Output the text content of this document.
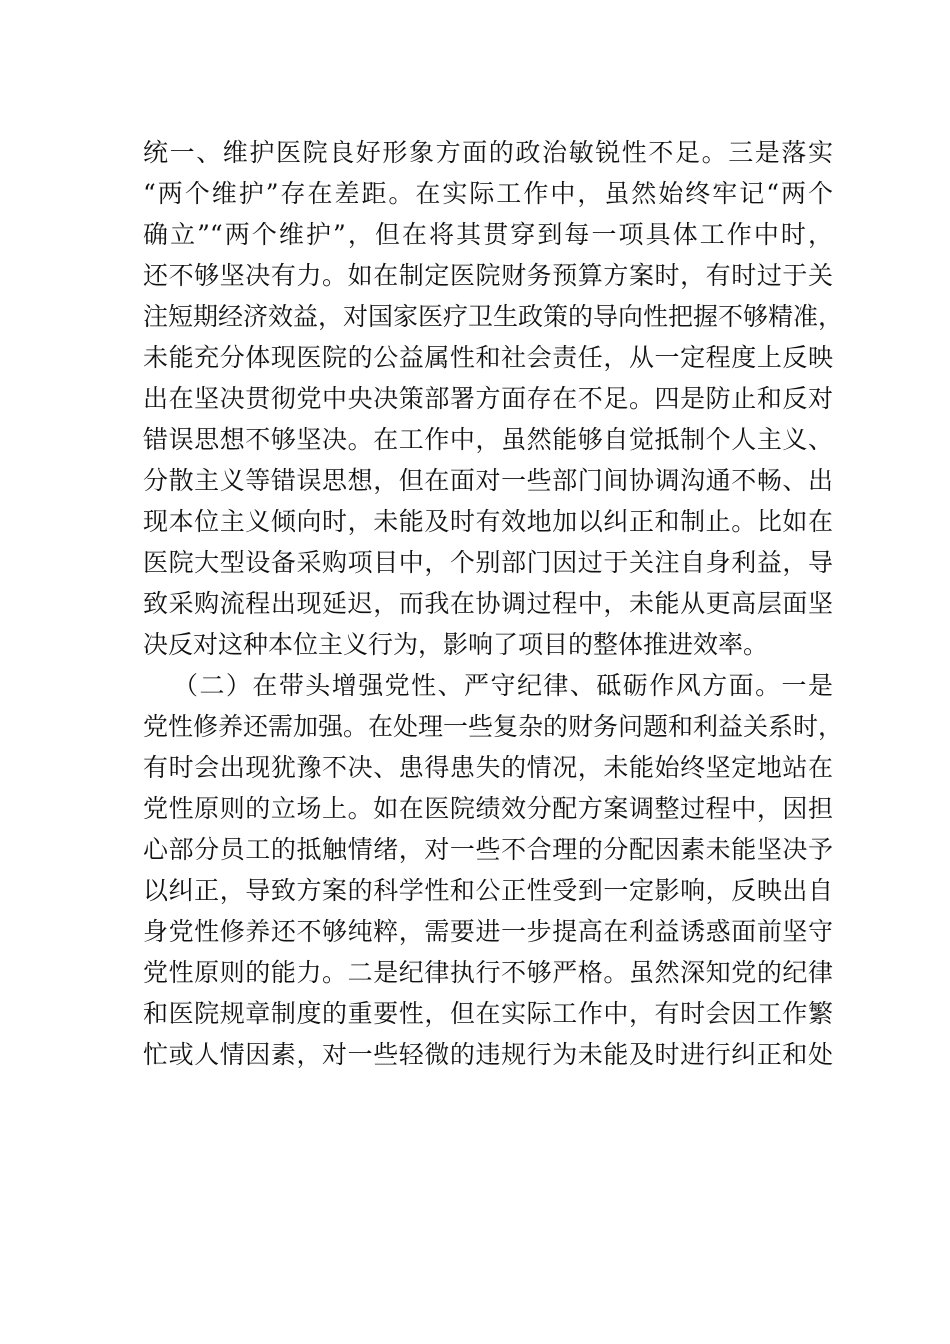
统一、维护医院良好形象方面的政治敏锐性不足。三是落实
“两个维护”存在差距。在实际工作中，虽然始终牢记“两个
确立”“两个维护”，但在将其贯穿到每一项具体工作中时，
还不够坚决有力。如在制定医院财务预算方案时，有时过于关
注短期经济效益，对国家医疗卫生政策的导向性把握不够精准，
未能充分体现医院的公益属性和社会责任，从一定程度上反映
出在坚决贯彻党中央决策部署方面存在不足。四是防止和反对
错误思想不够坚决。在工作中，虽然能够自觉抵制个人主义、
分散主义等错误思想，但在面对一些部门间协调沟通不畅、出
现本位主义倾向时，未能及时有效地加以纠正和制止。比如在
医院大型设备采购项目中，个别部门因过于关注自身利益，导
致采购流程出现延迟，而我在协调过程中，未能从更高层面坚
决反对这种本位主义行为，影响了项目的整体推进效率。
（二）在带头增强党性、严守纪律、砥砺作风方面。一是
党性修养还需加强。在处理一些复杂的财务问题和利益关系时，
有时会出现犹豫不决、患得患失的情况，未能始终坚定地站在
党性原则的立场上。如在医院绩效分配方案调整过程中，因担
心部分员工的抵触情绪，对一些不合理的分配因素未能坚决予
以纠正，导致方案的科学性和公正性受到一定影响，反映出自
身党性修养还不够纯粹，需要进一步提高在利益诱惑面前坚守
党性原则的能力。二是纪律执行不够严格。虽然深知党的纪律
和医院规章制度的重要性，但在实际工作中，有时会因工作繁
忙或人情因素，对一些轻微的违规行为未能及时进行纠正和处
